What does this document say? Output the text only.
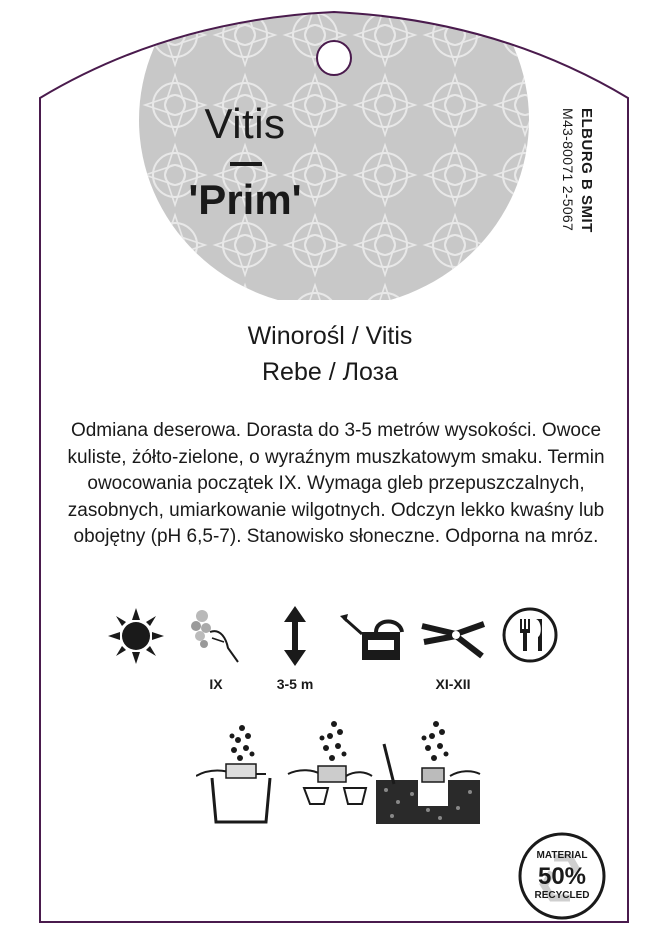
Vitis
'Prim'	ELBURG B SMIT
M43-80071 2-5067
Winorośl / Vitis
Rebe / Лоза

Odmiana deserowa. Dorasta do 3-5 metrów wysokości. Owoce kuliste, żółto-zielone, o wyraźnym muszkatowym smaku. Termin owocowania początek IX. Wymaga gleb przepuszczalnych, zasobnych, umiarkowanie wilgotnych. Odczyn lekko kwaśny lub obojętny (pH 6,5-7). Stanowisko słoneczne. Odporna na mróz.

IX	3-5 m	XI-XII
MATERIAL
50%
RECYCLED
